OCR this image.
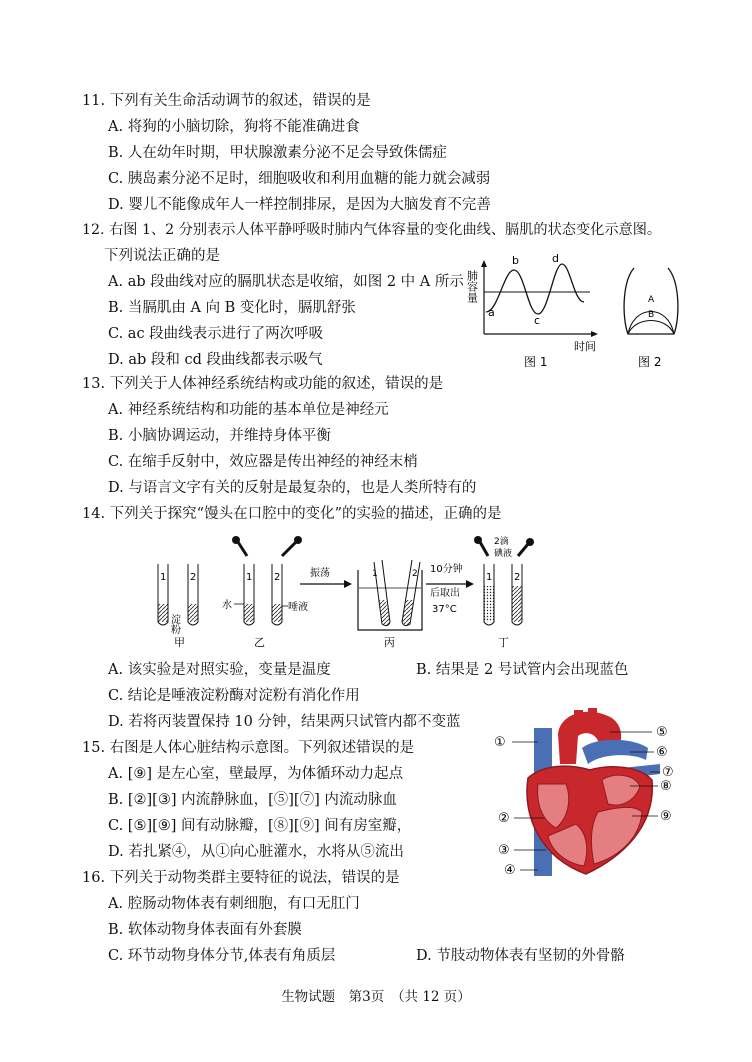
11. 下列有关生命活动调节的叙述，错误的是
A. 将狗的小脑切除，狗将不能准确进食
B. 人在幼年时期，甲状腺激素分泌不足会导致侏儒症
C. 胰岛素分泌不足时，细胞吸收和利用血糖的能力就会减弱
D. 婴儿不能像成年人一样控制排尿，是因为大脑发育不完善
12. 右图 1、2 分别表示人体平静呼吸时肺内气体容量的变化曲线、膈肌的状态变化示意图。
下列说法正确的是
A. ab 段曲线对应的膈肌状态是收缩，如图 2 中 A 所示
B. 当膈肌由 A 向 B 变化时，膈肌舒张
C. ac 段曲线表示进行了两次呼吸
D. ab 段和 cd 段曲线都表示吸气
肺容量
a
b
c
d
时间
图 1
A
B
图 2
13. 下列关于人体神经系统结构或功能的叙述，错误的是
A. 神经系统结构和功能的基本单位是神经元
B. 小脑协调运动，并维持身体平衡
C. 在缩手反射中，效应器是传出神经的神经末梢
D. 与语言文字有关的反射是最复杂的，也是人类所特有的
14. 下列关于探究“馒头在口腔中的变化”的实验的描述，正确的是
1 2
淀粉
甲
1 2
水	唾液
乙
振荡	1	2
丙
10分钟
后取出
37°C
1 2
2滴
碘液
丁
A. 该实验是对照实验，变量是温度	B. 结果是 2 号试管内会出现蓝色
C. 结论是唾液淀粉酶对淀粉有消化作用
D. 若将丙装置保持 10 分钟，结果两只试管内都不变蓝
15. 右图是人体心脏结构示意图。下列叙述错误的是
A. [⑨] 是左心室，壁最厚，为体循环动力起点
B. [②][③] 内流静脉血，[⑤][⑦] 内流动脉血
C. [⑤][⑨] 间有动脉瓣，[⑧][⑨] 间有房室瓣，
D. 若扎紧④，从①向心脏灌水，水将从⑤流出
①
②
③
④
⑤
⑥
⑦
⑧
⑨
16. 下列关于动物类群主要特征的说法，错误的是
A. 腔肠动物体表有刺细胞，有口无肛门
B. 软体动物身体表面有外套膜
C. 环节动物身体分节,体表有角质层	D. 节肢动物体表有坚韧的外骨骼
生物试题　第3页　（共 12 页）
